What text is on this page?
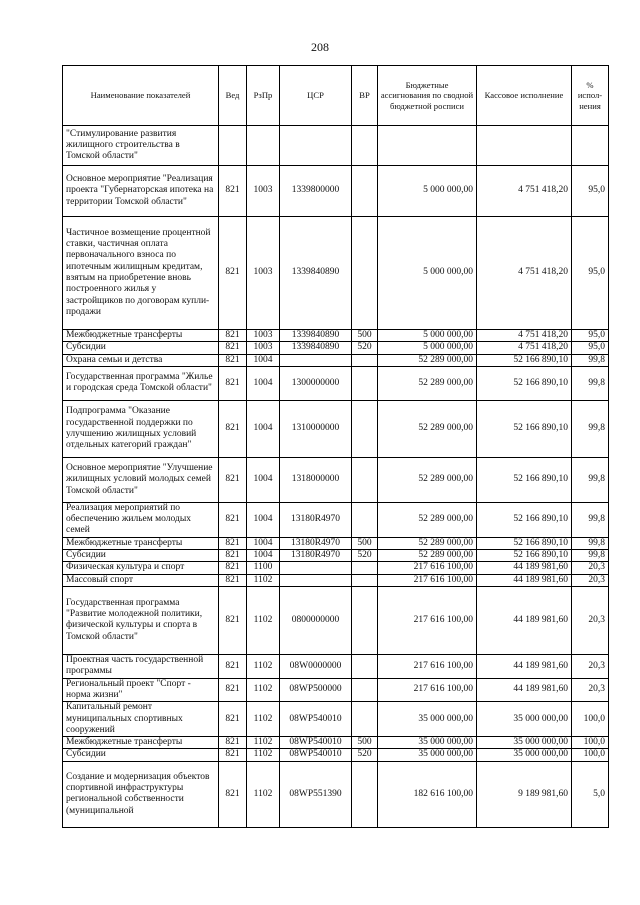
208
Наименование показателей	Вед	РзПр	ЦСР	ВР	Бюджетные ассигнования по сводной бюджетной росписи	Кассовое исполнение	% испол-нения
"Стимулирование развития жилищного строительства в Томской области"							
Основное мероприятие "Реализация проекта "Губернаторская ипотека на территории Томской области"	821	1003	1339800000		5 000 000,00	4 751 418,20	95,0
Частичное возмещение процентной ставки, частичная оплата первоначального взноса по ипотечным жилищным кредитам, взятым на приобретение вновь построенного жилья у застройщиков по договорам купли-продажи	821	1003	1339840890		5 000 000,00	4 751 418,20	95,0
Межбюджетные трансферты	821	1003	1339840890	500	5 000 000,00	4 751 418,20	95,0
Субсидии	821	1003	1339840890	520	5 000 000,00	4 751 418,20	95,0
Охрана семьи и детства	821	1004			52 289 000,00	52 166 890,10	99,8
Государственная программа "Жилье и городская среда Томской области"	821	1004	1300000000		52 289 000,00	52 166 890,10	99,8
Подпрограмма "Оказание государственной поддержки по улучшению жилищных условий отдельных категорий граждан"	821	1004	1310000000		52 289 000,00	52 166 890,10	99,8
Основное мероприятие "Улучшение жилищных условий молодых семей Томской области"	821	1004	1318000000		52 289 000,00	52 166 890,10	99,8
Реализация мероприятий по обеспечению жильем молодых семей	821	1004	13180R4970		52 289 000,00	52 166 890,10	99,8
Межбюджетные трансферты	821	1004	13180R4970	500	52 289 000,00	52 166 890,10	99,8
Субсидии	821	1004	13180R4970	520	52 289 000,00	52 166 890,10	99,8
Физическая культура и спорт	821	1100			217 616 100,00	44 189 981,60	20,3
Массовый спорт	821	1102			217 616 100,00	44 189 981,60	20,3
Государственная программа "Развитие молодежной политики, физической культуры и спорта в Томской области"	821	1102	0800000000		217 616 100,00	44 189 981,60	20,3
Проектная часть государственной программы	821	1102	08W0000000		217 616 100,00	44 189 981,60	20,3
Региональный проект "Спорт - норма жизни"	821	1102	08WP500000		217 616 100,00	44 189 981,60	20,3
Капитальный ремонт муниципальных спортивных сооружений	821	1102	08WP540010		35 000 000,00	35 000 000,00	100,0
Межбюджетные трансферты	821	1102	08WP540010	500	35 000 000,00	35 000 000,00	100,0
Субсидии	821	1102	08WP540010	520	35 000 000,00	35 000 000,00	100,0
Создание и модернизация объектов спортивной инфраструктуры региональной собственности (муниципальной	821	1102	08WP551390		182 616 100,00	9 189 981,60	5,0
